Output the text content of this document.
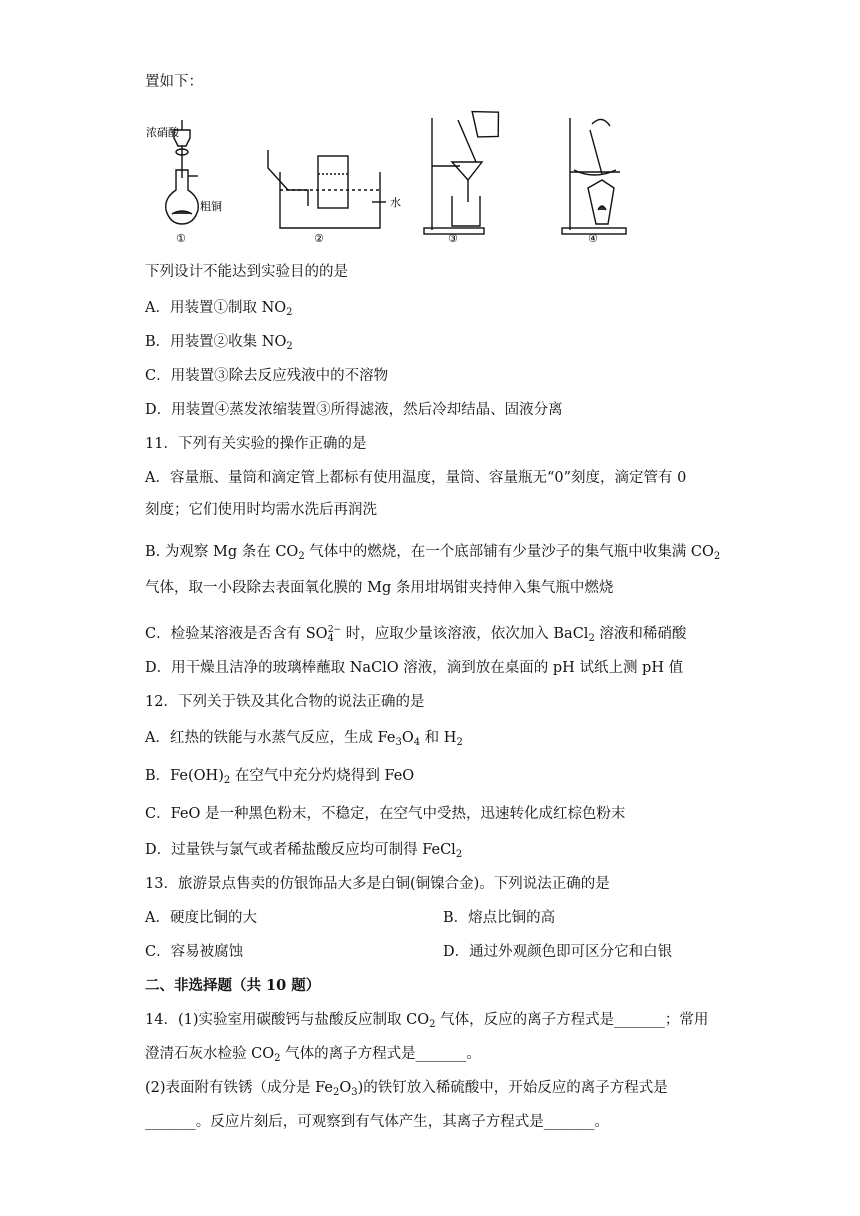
置如下：
浓硝酸
粗铜
①
水
②	③	④
下列设计不能达到实验目的的是
A．用装置①制取 $NO_2$
B．用装置②收集 $NO_2$
C．用装置③除去反应残液中的不溶物
D．用装置④蒸发浓缩装置③所得滤液，然后冷却结晶、固液分离
11．下列有关实验的操作正确的是
A．容量瓶、量筒和滴定管上都标有使用温度，量筒、容量瓶无“0”刻度，滴定管有 0
刻度；它们使用时均需水洗后再润洗
B. 为观察 Mg 条在 $CO_2$ 气体中的燃烧，在一个底部铺有少量沙子的集气瓶中收集满 $CO_2$
气体，取一小段除去表面氧化膜的 Mg 条用坩埚钳夹持伸入集气瓶中燃烧
C．检验某溶液是否含有 $SO_4^{2-}$ 时，应取少量该溶液，依次加入 BaCl$_2$ 溶液和稀硝酸
D．用干燥且洁净的玻璃棒蘸取 NaClO 溶液，滴到放在桌面的 pH 试纸上测 pH 值
12．下列关于铁及其化合物的说法正确的是
A．红热的铁能与水蒸气反应，生成 $Fe_3O_4$ 和 $H_2$
B．$Fe(OH)_2$ 在空气中充分灼烧得到 FeO
C．FeO 是一种黑色粉末，不稳定，在空气中受热，迅速转化成红棕色粉末
D．过量铁与氯气或者稀盐酸反应均可制得 FeCl$_2$
13．旅游景点售卖的仿银饰品大多是白铜(铜镍合金)。下列说法正确的是
A．硬度比铜的大	B．熔点比铜的高
C．容易被腐蚀	D．通过外观颜色即可区分它和白银
二、非选择题（共 10 题）
14．(1)实验室用碳酸钙与盐酸反应制取 $CO_2$ 气体，反应的离子方程式是_______；常用
澄清石灰水检验 $CO_2$ 气体的离子方程式是_______。
(2)表面附有铁锈（成分是 $Fe_2O_3$)的铁钉放入稀硫酸中，开始反应的离子方程式是
_______。反应片刻后，可观察到有气体产生，其离子方程式是_______。
